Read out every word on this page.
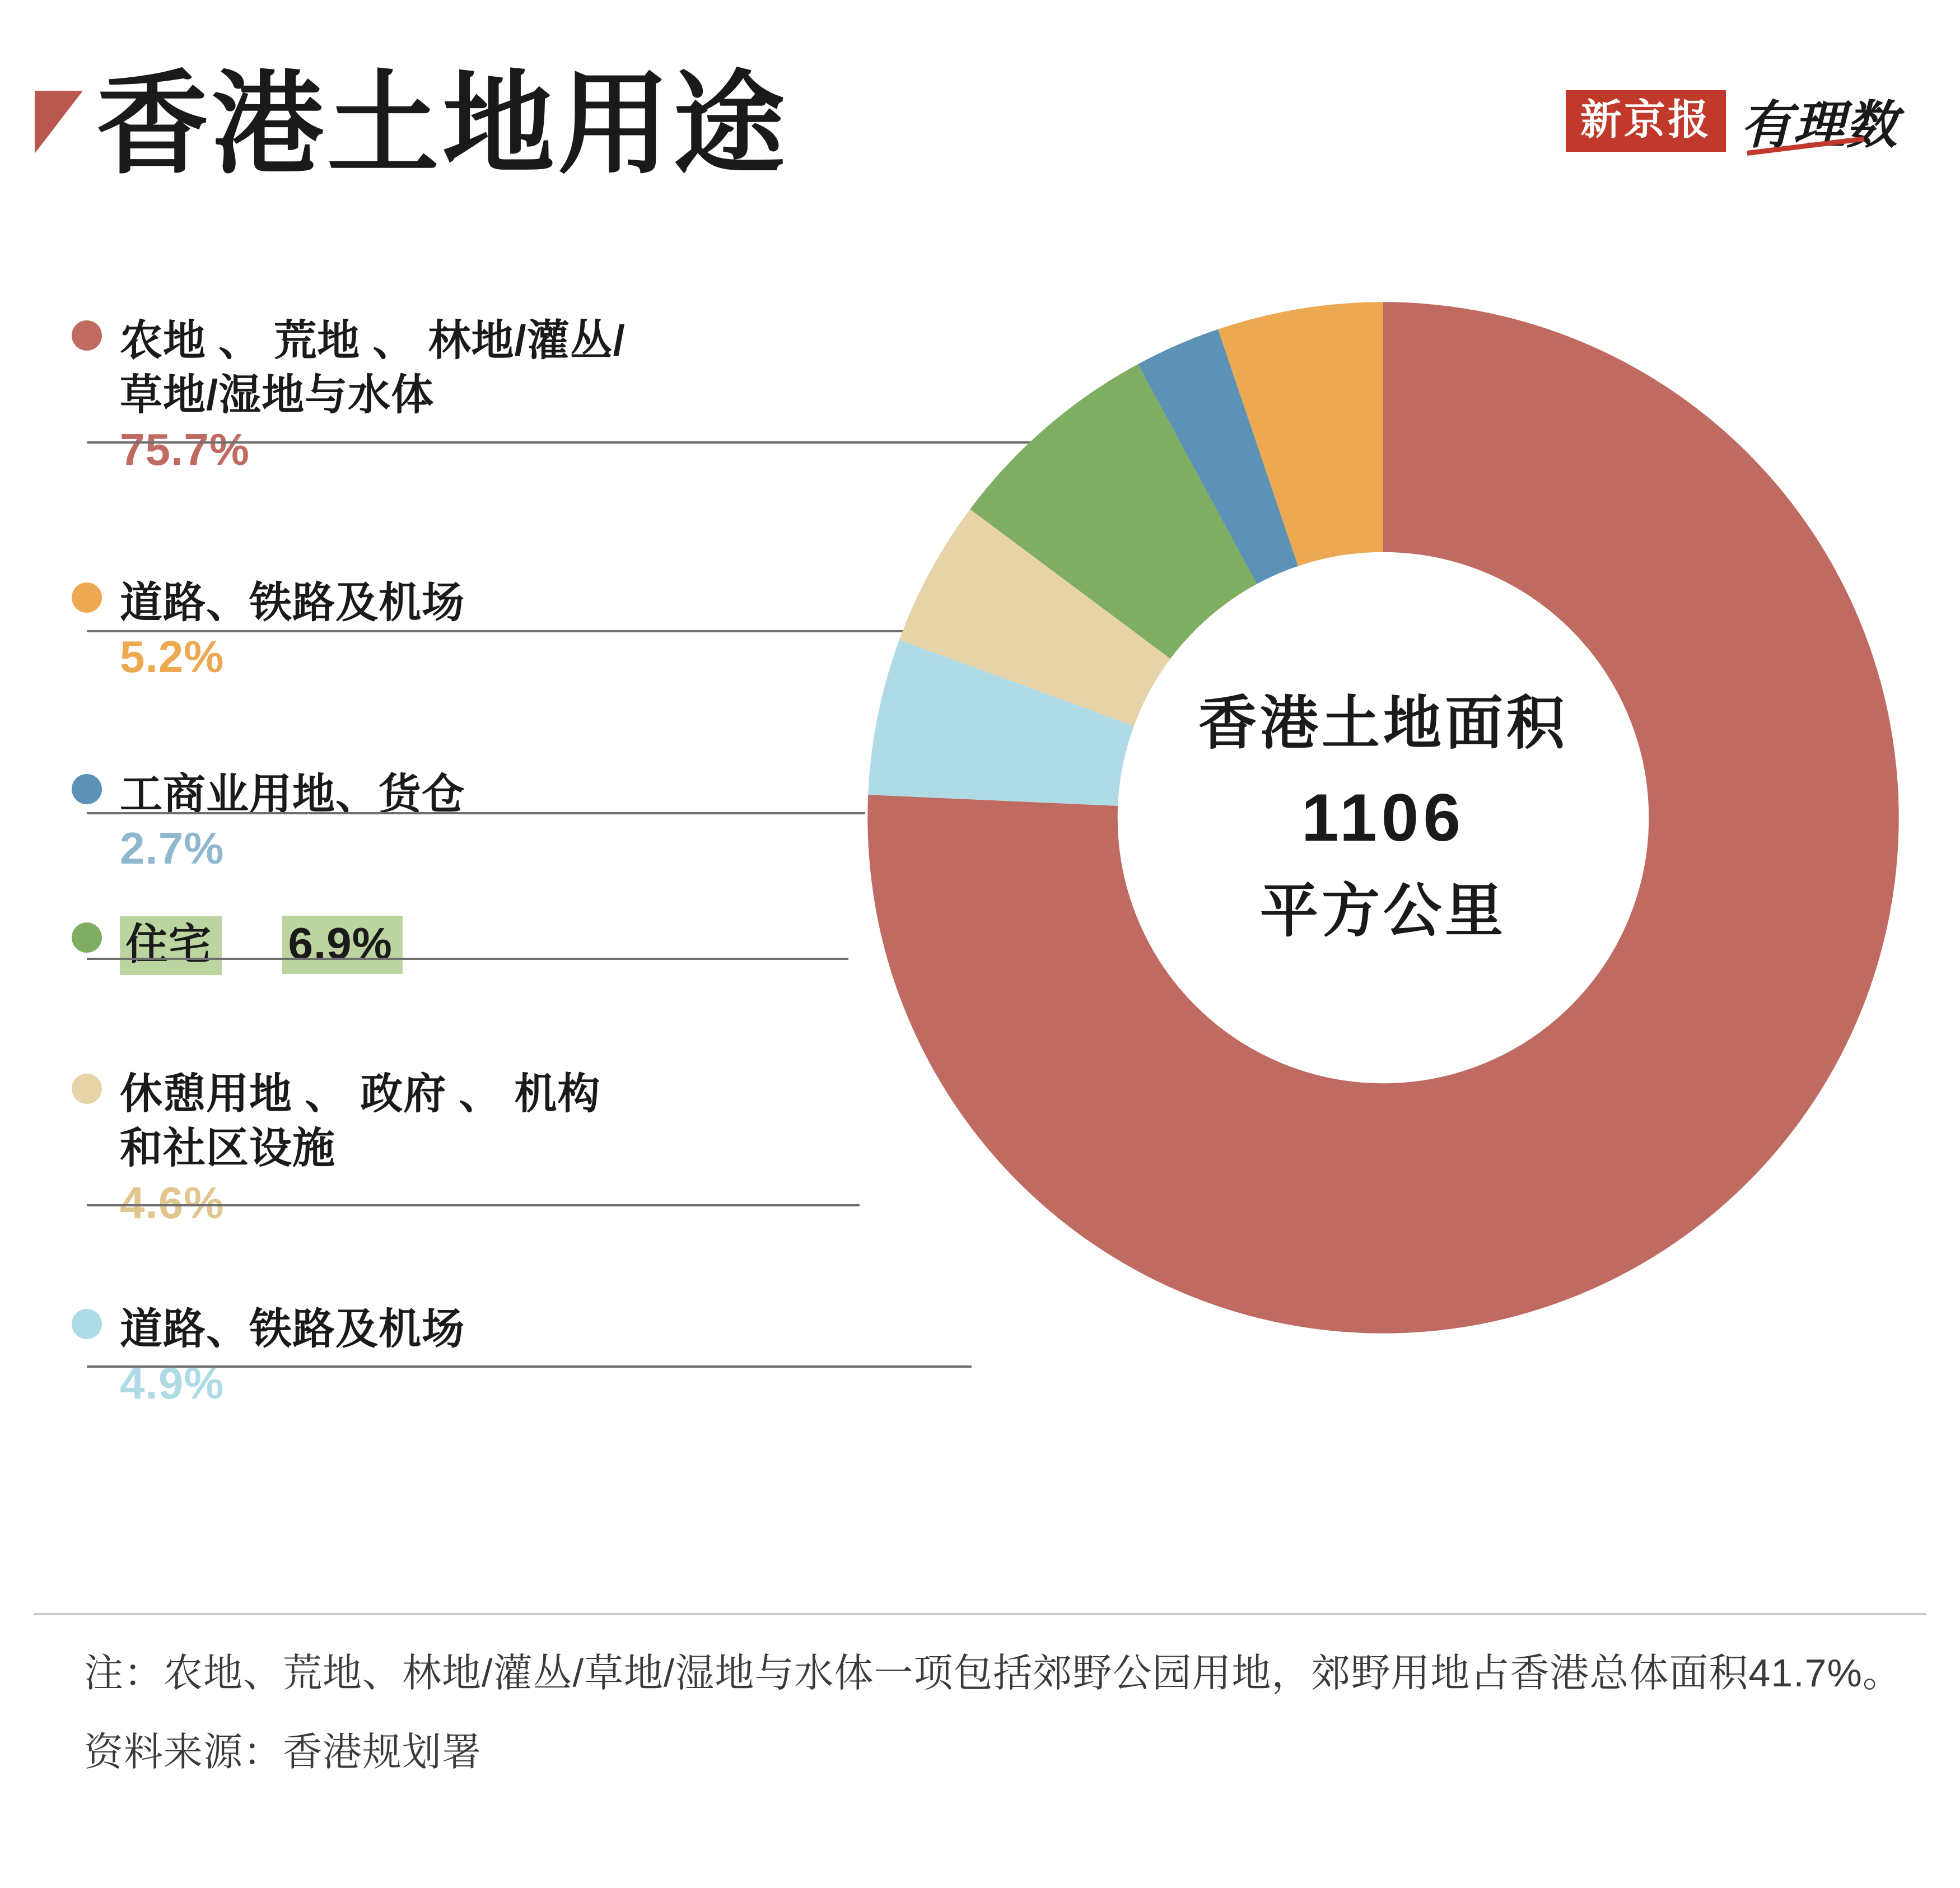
香港土地用途	新京报 有理数
农地 、 荒地 、 林地/灌丛/
草地/湿地与水体
75.7%
道路、铁路及机场
5.2%
工商业用地、货仓
2.7%
住宅 6.9%
休憩用地 、 政府 、 机构
和社区设施
4.6%
道路、铁路及机场
4.9%
香港土地面积
1106
平方公里
注：农地、荒地、林地/灌丛/草地/湿地与水体一项包括郊野公园用地，郊野用地占香港总体面积41.7%。
资料来源：香港规划署
